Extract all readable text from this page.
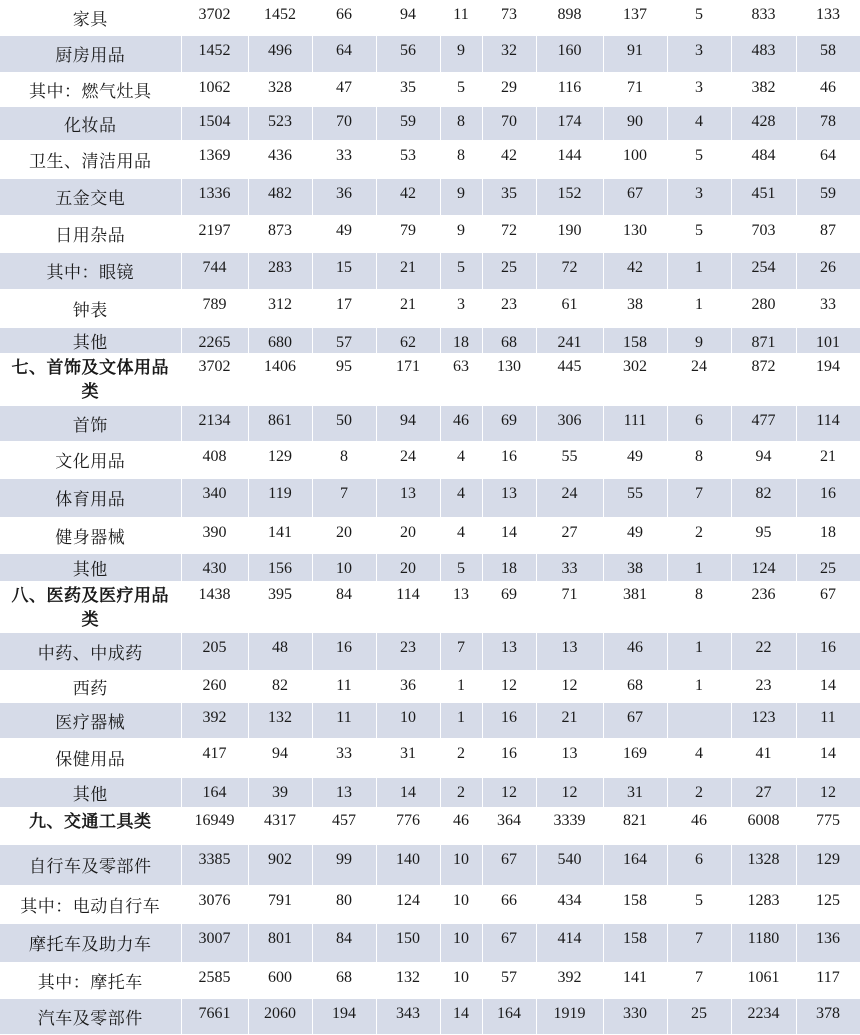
家具	3702	1452	66	94	11	73	898	137	5	833	133
厨房用品	1452	496	64	56	9	32	160	91	3	483	58
其中：燃气灶具	1062	328	47	35	5	29	116	71	3	382	46
化妆品	1504	523	70	59	8	70	174	90	4	428	78
卫生、清洁用品	1369	436	33	53	8	42	144	100	5	484	64
五金交电	1336	482	36	42	9	35	152	67	3	451	59
日用杂品	2197	873	49	79	9	72	190	130	5	703	87
其中：眼镜	744	283	15	21	5	25	72	42	1	254	26
钟表	789	312	17	21	3	23	61	38	1	280	33
其他	2265	680	57	62	18	68	241	158	9	871	101
七、首饰及文体用品类	3702	1406	95	171	63	130	445	302	24	872	194
首饰	2134	861	50	94	46	69	306	111	6	477	114
文化用品	408	129	8	24	4	16	55	49	8	94	21
体育用品	340	119	7	13	4	13	24	55	7	82	16
健身器械	390	141	20	20	4	14	27	49	2	95	18
其他	430	156	10	20	5	18	33	38	1	124	25
八、医药及医疗用品类	1438	395	84	114	13	69	71	381	8	236	67
中药、中成药	205	48	16	23	7	13	13	46	1	22	16
西药	260	82	11	36	1	12	12	68	1	23	14
医疗器械	392	132	11	10	1	16	21	67		123	11
保健用品	417	94	33	31	2	16	13	169	4	41	14
其他	164	39	13	14	2	12	12	31	2	27	12
九、交通工具类	16949	4317	457	776	46	364	3339	821	46	6008	775
自行车及零部件	3385	902	99	140	10	67	540	164	6	1328	129
其中：电动自行车	3076	791	80	124	10	66	434	158	5	1283	125
摩托车及助力车	3007	801	84	150	10	67	414	158	7	1180	136
其中：摩托车	2585	600	68	132	10	57	392	141	7	1061	117
汽车及零部件	7661	2060	194	343	14	164	1919	330	25	2234	378
